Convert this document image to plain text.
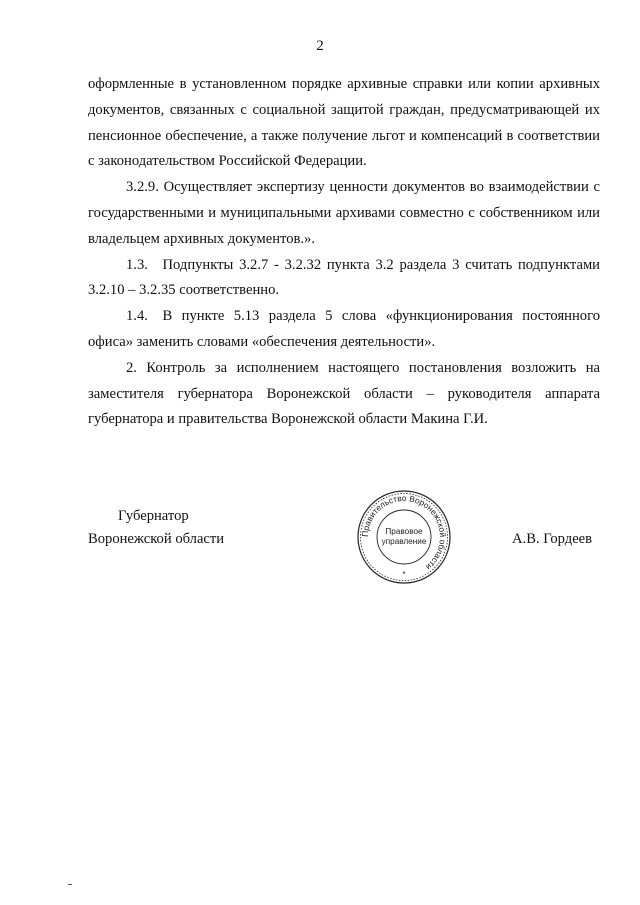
2

оформленные в установленном порядке архивные справки или копии архивных документов, связанных с социальной защитой граждан, предусматривающей их пенсионное обеспечение, а также получение льгот и компенсаций в соответствии с законодательством Российской Федерации.

3.2.9. Осуществляет экспертизу ценности документов во взаимодействии с государственными и муниципальными архивами совместно с собственником или владельцем архивных документов.».

1.3. Подпункты 3.2.7 - 3.2.32 пункта 3.2 раздела 3 считать подпунктами 3.2.10 – 3.2.35 соответственно.

1.4. В пункте 5.13 раздела 5 слова «функционирования постоянного офиса» заменить словами «обеспечения деятельности».

2. Контроль за исполнением настоящего постановления возложить на заместителя губернатора Воронежской области – руководителя аппарата губернатора и правительства Воронежской области Макина Г.И.

Губернатор
Воронежской области	Правительство Воронежской области
Правовое
управление
*
А.В. Гордеев
